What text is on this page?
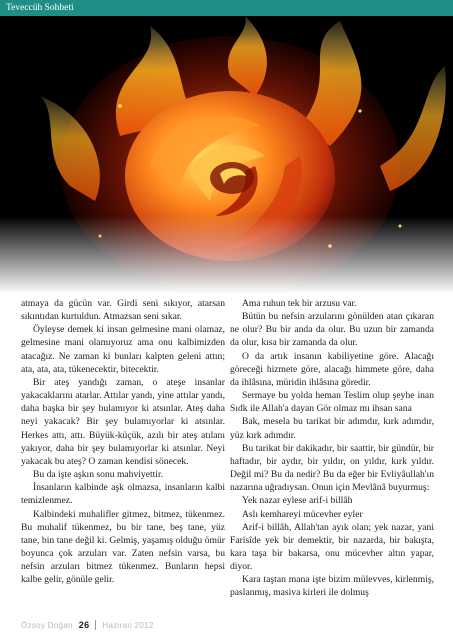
Teveccüh Sohbeti

atmaya da gücün var. Girdi seni sıkıyor, atarsan sıkıntıdan kurtuldun. Atmazsan seni sıkar.

Öyleyse demek ki insan gelmesine mani olamaz, gelmesine mani olamıyoruz ama onu kalbimizden atacağız. Ne zaman ki bunları kalpten geleni attın; ata, ata, ata, tükenecektir, bitecektir.

Bir ateş yandığı zaman, o ateşe insanlar yakacaklarını atarlar. Attılar yandı, yine attılar yandı, daha başka bir şey bulamıyor ki atsınlar. Ateş daha neyi yakacak? Bir şey bulamıyorlar ki atsınlar. Herkes attı, attı. Büyük-küçük, azılı bir ateş atılanı yakıyor, daha bir şey bulamıyorlar ki atsınlar. Neyi yakacak bu ateş? O zaman kendisi sönecek.

Bu da işte aşkın sonu mahviyettir.

İnsanların kalbinde aşk olmazsa, insanların kalbi temizlenmez.

Kalbindeki muhalifler gitmez, bitmez, tükenmez. Bu muhalif tükenmez, bu bir tane, beş tane, yüz tane, bin tane değil ki. Gelmiş, yaşamış olduğu ömür boyunca çok arzuları var. Zaten nefsin varsa, bu nefsin arzuları bitmez tükenmez. Bunların hepsi kalbe gelir, gönüle gelir.

Ama ruhun tek bir arzusu var.

Bütün bu nefsin arzularını gönülden atan çıkaran ne olur? Bu bir anda da olur. Bu uzun bir zamanda da olur, kısa bir zamanda da olur.

O da artık insanın kabiliyetine göre. Alacağı göreceği hizmete göre, alacağı himmete göre, daha da ihlâsına, müridin ihlâsına göredir.

Sermaye bu yolda heman Teslim olup şeyhe inan Sıdk ile Allah'a dayan Gör olmaz mı ihsan sana

Bak, mesela bu tarikat bir adımdır, kırk adımdır, yüz kırk adımdır.

Bu tarikat bir dakikadır, bir saattir, bir gündür, bir haftadır, bir aydır, bir yıldır, on yıldır, kırk yıldır. Değil mi? Bu da nedir? Bu da eğer bir Evliyâullah'ın nazarına uğradıysan. Onun için Mevlânâ buyurmuş:

Yek nazar eylese arif-i billâh

Aslı kemhareyi mücevher eyler

Arif-i billâh, Allah'tan ayık olan; yek nazar, yani Farisîde yek bir demektir, bir nazarda, bir bakışta, kara taşa bir bakarsa, onu mücevher altın yapar, diyor.

Kara taştan mana işte bizim mülevves, kirlenmiş, paslanmış, masiva kirleri ile dolmuş

Özsoy Doğan 26	Haziran 2012
